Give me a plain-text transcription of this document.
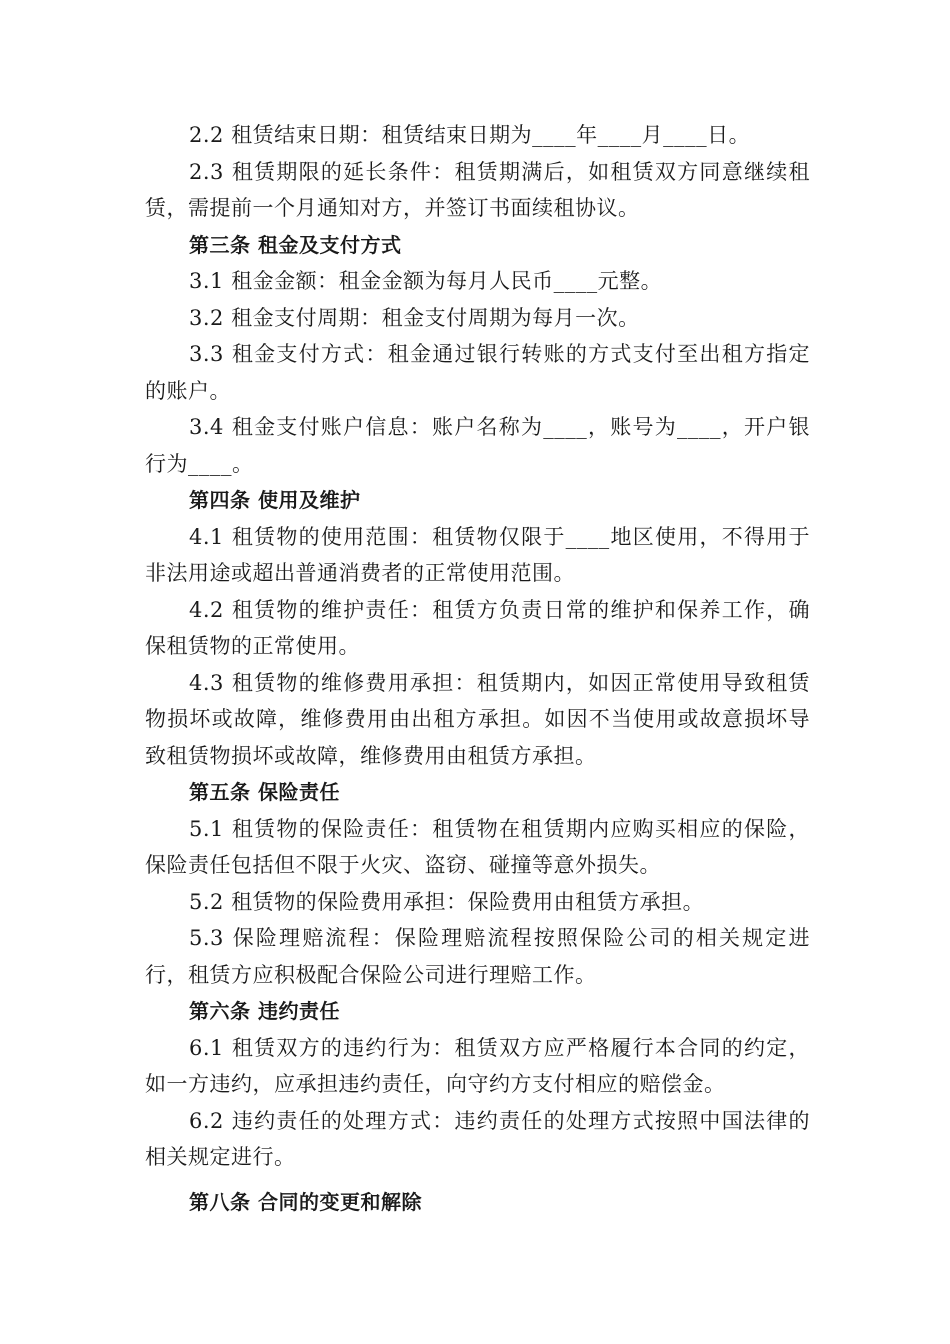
2.2 租赁结束日期：租赁结束日期为____年____月____日。

2.3 租赁期限的延长条件：租赁期满后，如租赁双方同意继续租赁，需提前一个月通知对方，并签订书面续租协议。

第三条 租金及支付方式

3.1 租金金额：租金金额为每月人民币____元整。

3.2 租金支付周期：租金支付周期为每月一次。

3.3 租金支付方式：租金通过银行转账的方式支付至出租方指定的账户。

3.4 租金支付账户信息：账户名称为____，账号为____，开户银行为____。

第四条 使用及维护

4.1 租赁物的使用范围：租赁物仅限于____地区使用，不得用于非法用途或超出普通消费者的正常使用范围。

4.2 租赁物的维护责任：租赁方负责日常的维护和保养工作，确保租赁物的正常使用。

4.3 租赁物的维修费用承担：租赁期内，如因正常使用导致租赁物损坏或故障，维修费用由出租方承担。如因不当使用或故意损坏导致租赁物损坏或故障，维修费用由租赁方承担。

第五条 保险责任

5.1 租赁物的保险责任：租赁物在租赁期内应购买相应的保险，保险责任包括但不限于火灾、盗窃、碰撞等意外损失。

5.2 租赁物的保险费用承担：保险费用由租赁方承担。

5.3 保险理赔流程：保险理赔流程按照保险公司的相关规定进行，租赁方应积极配合保险公司进行理赔工作。

第六条 违约责任

6.1 租赁双方的违约行为：租赁双方应严格履行本合同的约定，如一方违约，应承担违约责任，向守约方支付相应的赔偿金。

6.2 违约责任的处理方式：违约责任的处理方式按照中国法律的相关规定进行。

第八条 合同的变更和解除
